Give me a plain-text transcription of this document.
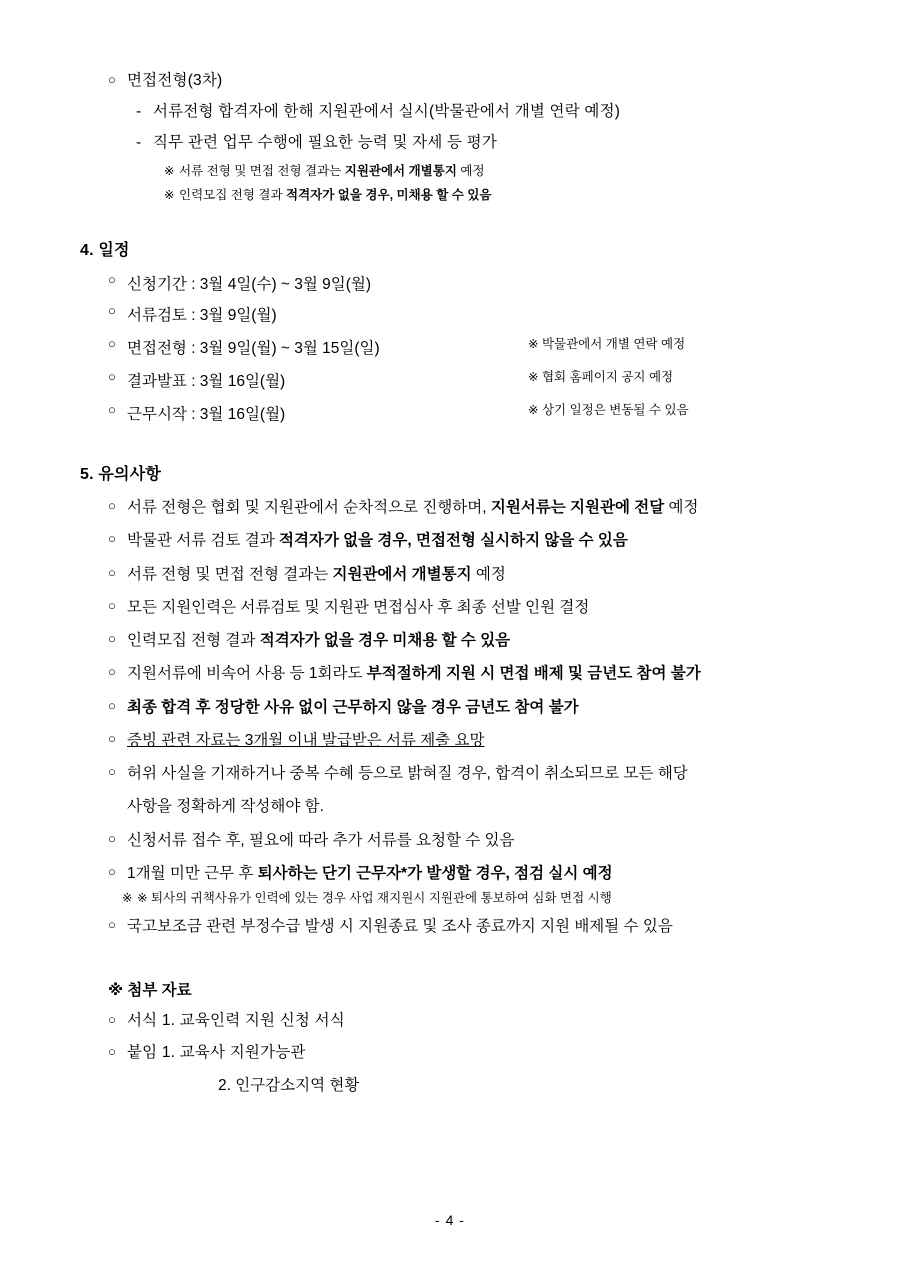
○ 면접전형(3차)
- 서류전형 합격자에 한해 지원관에서 실시(박물관에서 개별 연락 예정)
- 직무 관련 업무 수행에 필요한 능력 및 자세 등 평가
※ 서류 전형 및 면접 전형 결과는 지원관에서 개별통지 예정
※ 인력모집 전형 결과 적격자가 없을 경우, 미채용 할 수 있음
4. 일정
○ 신청기간 : 3월 4일(수) ~ 3월 9일(월)
○ 서류검토 : 3월 9일(월)
○ 면접전형 : 3월 9일(월) ~ 3월 15일(일)	※ 박물관에서 개별 연락 예정
○ 결과발표 : 3월 16일(월)	※ 협회 홈페이지 공지 예정
○ 근무시작 : 3월 16일(월)	※ 상기 일정은 변동될 수 있음
5. 유의사항
○ 서류 전형은 협회 및 지원관에서 순차적으로 진행하며, 지원서류는 지원관에 전달 예정
○ 박물관 서류 검토 결과 적격자가 없을 경우, 면접전형 실시하지 않을 수 있음
○ 서류 전형 및 면접 전형 결과는 지원관에서 개별통지 예정
○ 모든 지원인력은 서류검토 및 지원관 면접심사 후 최종 선발 인원 결정
○ 인력모집 전형 결과 적격자가 없을 경우 미채용 할 수 있음
○ 지원서류에 비속어 사용 등 1회라도 부적절하게 지원 시 면접 배제 및 금년도 참여 불가
○ 최종 합격 후 정당한 사유 없이 근무하지 않을 경우 금년도 참여 불가
○ 증빙 관련 자료는 3개월 이내 발급받은 서류 제출 요망
○ 허위 사실을 기재하거나 중복 수혜 등으로 밝혀질 경우, 합격이 취소되므로 모든 해당
사항을 정확하게 작성해야 함.
○ 신청서류 접수 후, 필요에 따라 추가 서류를 요청할 수 있음
○ 1개월 미만 근무 후 퇴사하는 단기 근무자*가 발생할 경우, 점검 실시 예정
※ ※ 퇴사의 귀책사유가 인력에 있는 경우 사업 재지원시 지원관에 통보하여 심화 면접 시행
○ 국고보조금 관련 부정수급 발생 시 지원종료 및 조사 종료까지 지원 배제될 수 있음
※ 첨부 자료
○ 서식 1. 교육인력 지원 신청 서식
○ 붙임 1. 교육사 지원가능관
2. 인구감소지역 현황
- 4 -
